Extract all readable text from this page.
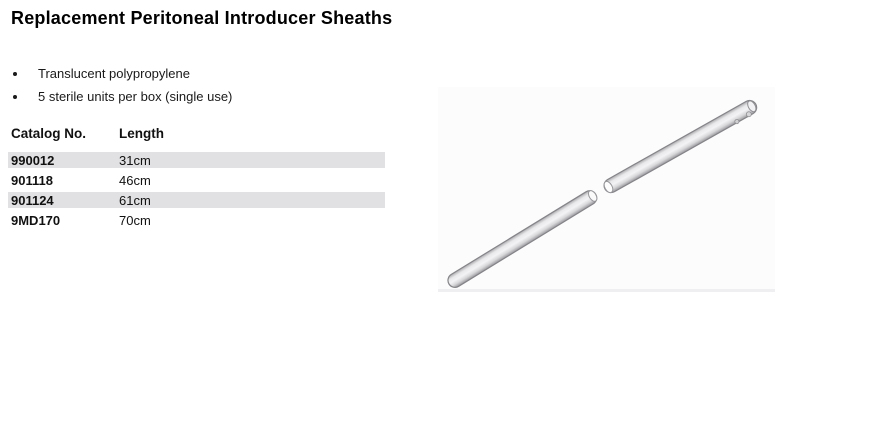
Replacement Peritoneal Introducer Sheaths
Translucent polypropylene
5 sterile units per box (single use)
Catalog No.	Length
990012	31cm
901118	46cm
901124	61cm
9MD170	70cm
